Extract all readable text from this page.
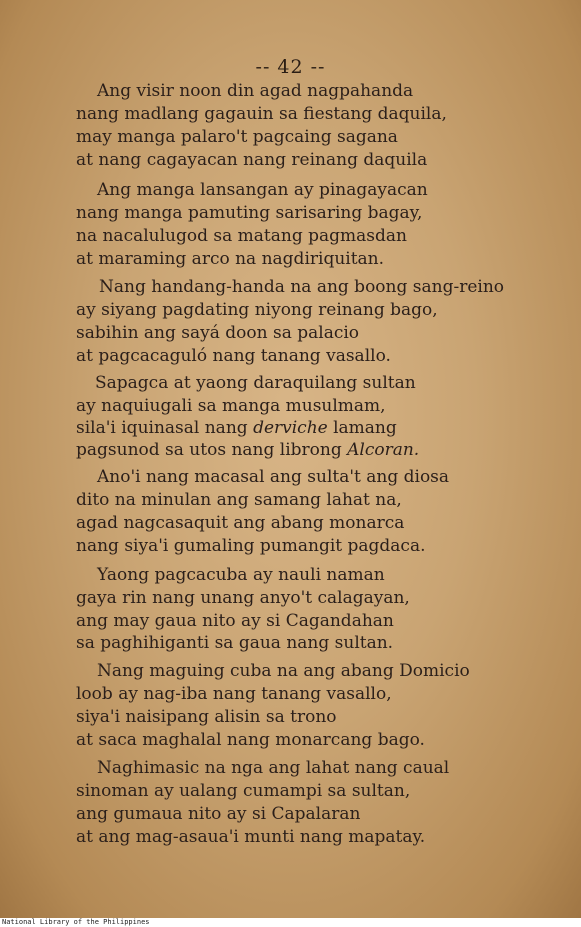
-- 42 --
Ang visir noon din agad nagpahanda
nang madlang gagauin sa fiestang daquila,
may manga palaro't pagcaing sagana
at nang cagayacan nang reinang daquila
Ang manga lansangan ay pinagayacan
nang manga pamuting sarisaring bagay,
na nacalulugod sa matang pagmasdan
at maraming arco na nagdiriquitan.
Nang handang-handa na ang boong sang-reino
ay siyang pagdating niyong reinang bago,
sabihin ang sayá doon sa palacio
at pagcacaguló nang tanang vasallo.
Sapagca at yaong daraquilang sultan
ay naquiugali sa manga musulmam,
sila'i iquinasal nang derviche lamang
pagsunod sa utos nang librong Alcoran.
Ano'i nang macasal ang sulta't ang diosa
dito na minulan ang samang lahat na,
agad nagcasaquit ang abang monarca
nang siya'i gumaling pumangit pagdaca.
Yaong pagcacuba ay nauli naman
gaya rin nang unang anyo't calagayan,
ang may gaua nito ay si Cagandahan
sa paghihiganti sa gaua nang sultan.
Nang maguing cuba na ang abang Domicio
loob ay nag-iba nang tanang vasallo,
siya'i naisipang alisin sa trono
at saca maghalal nang monarcang bago.
Naghimasic na nga ang lahat nang caual
sinoman ay ualang cumampi sa sultan,
ang gumaua nito ay si Capalaran
at ang mag-asaua'i munti nang mapatay.
National Library of the Philippines
